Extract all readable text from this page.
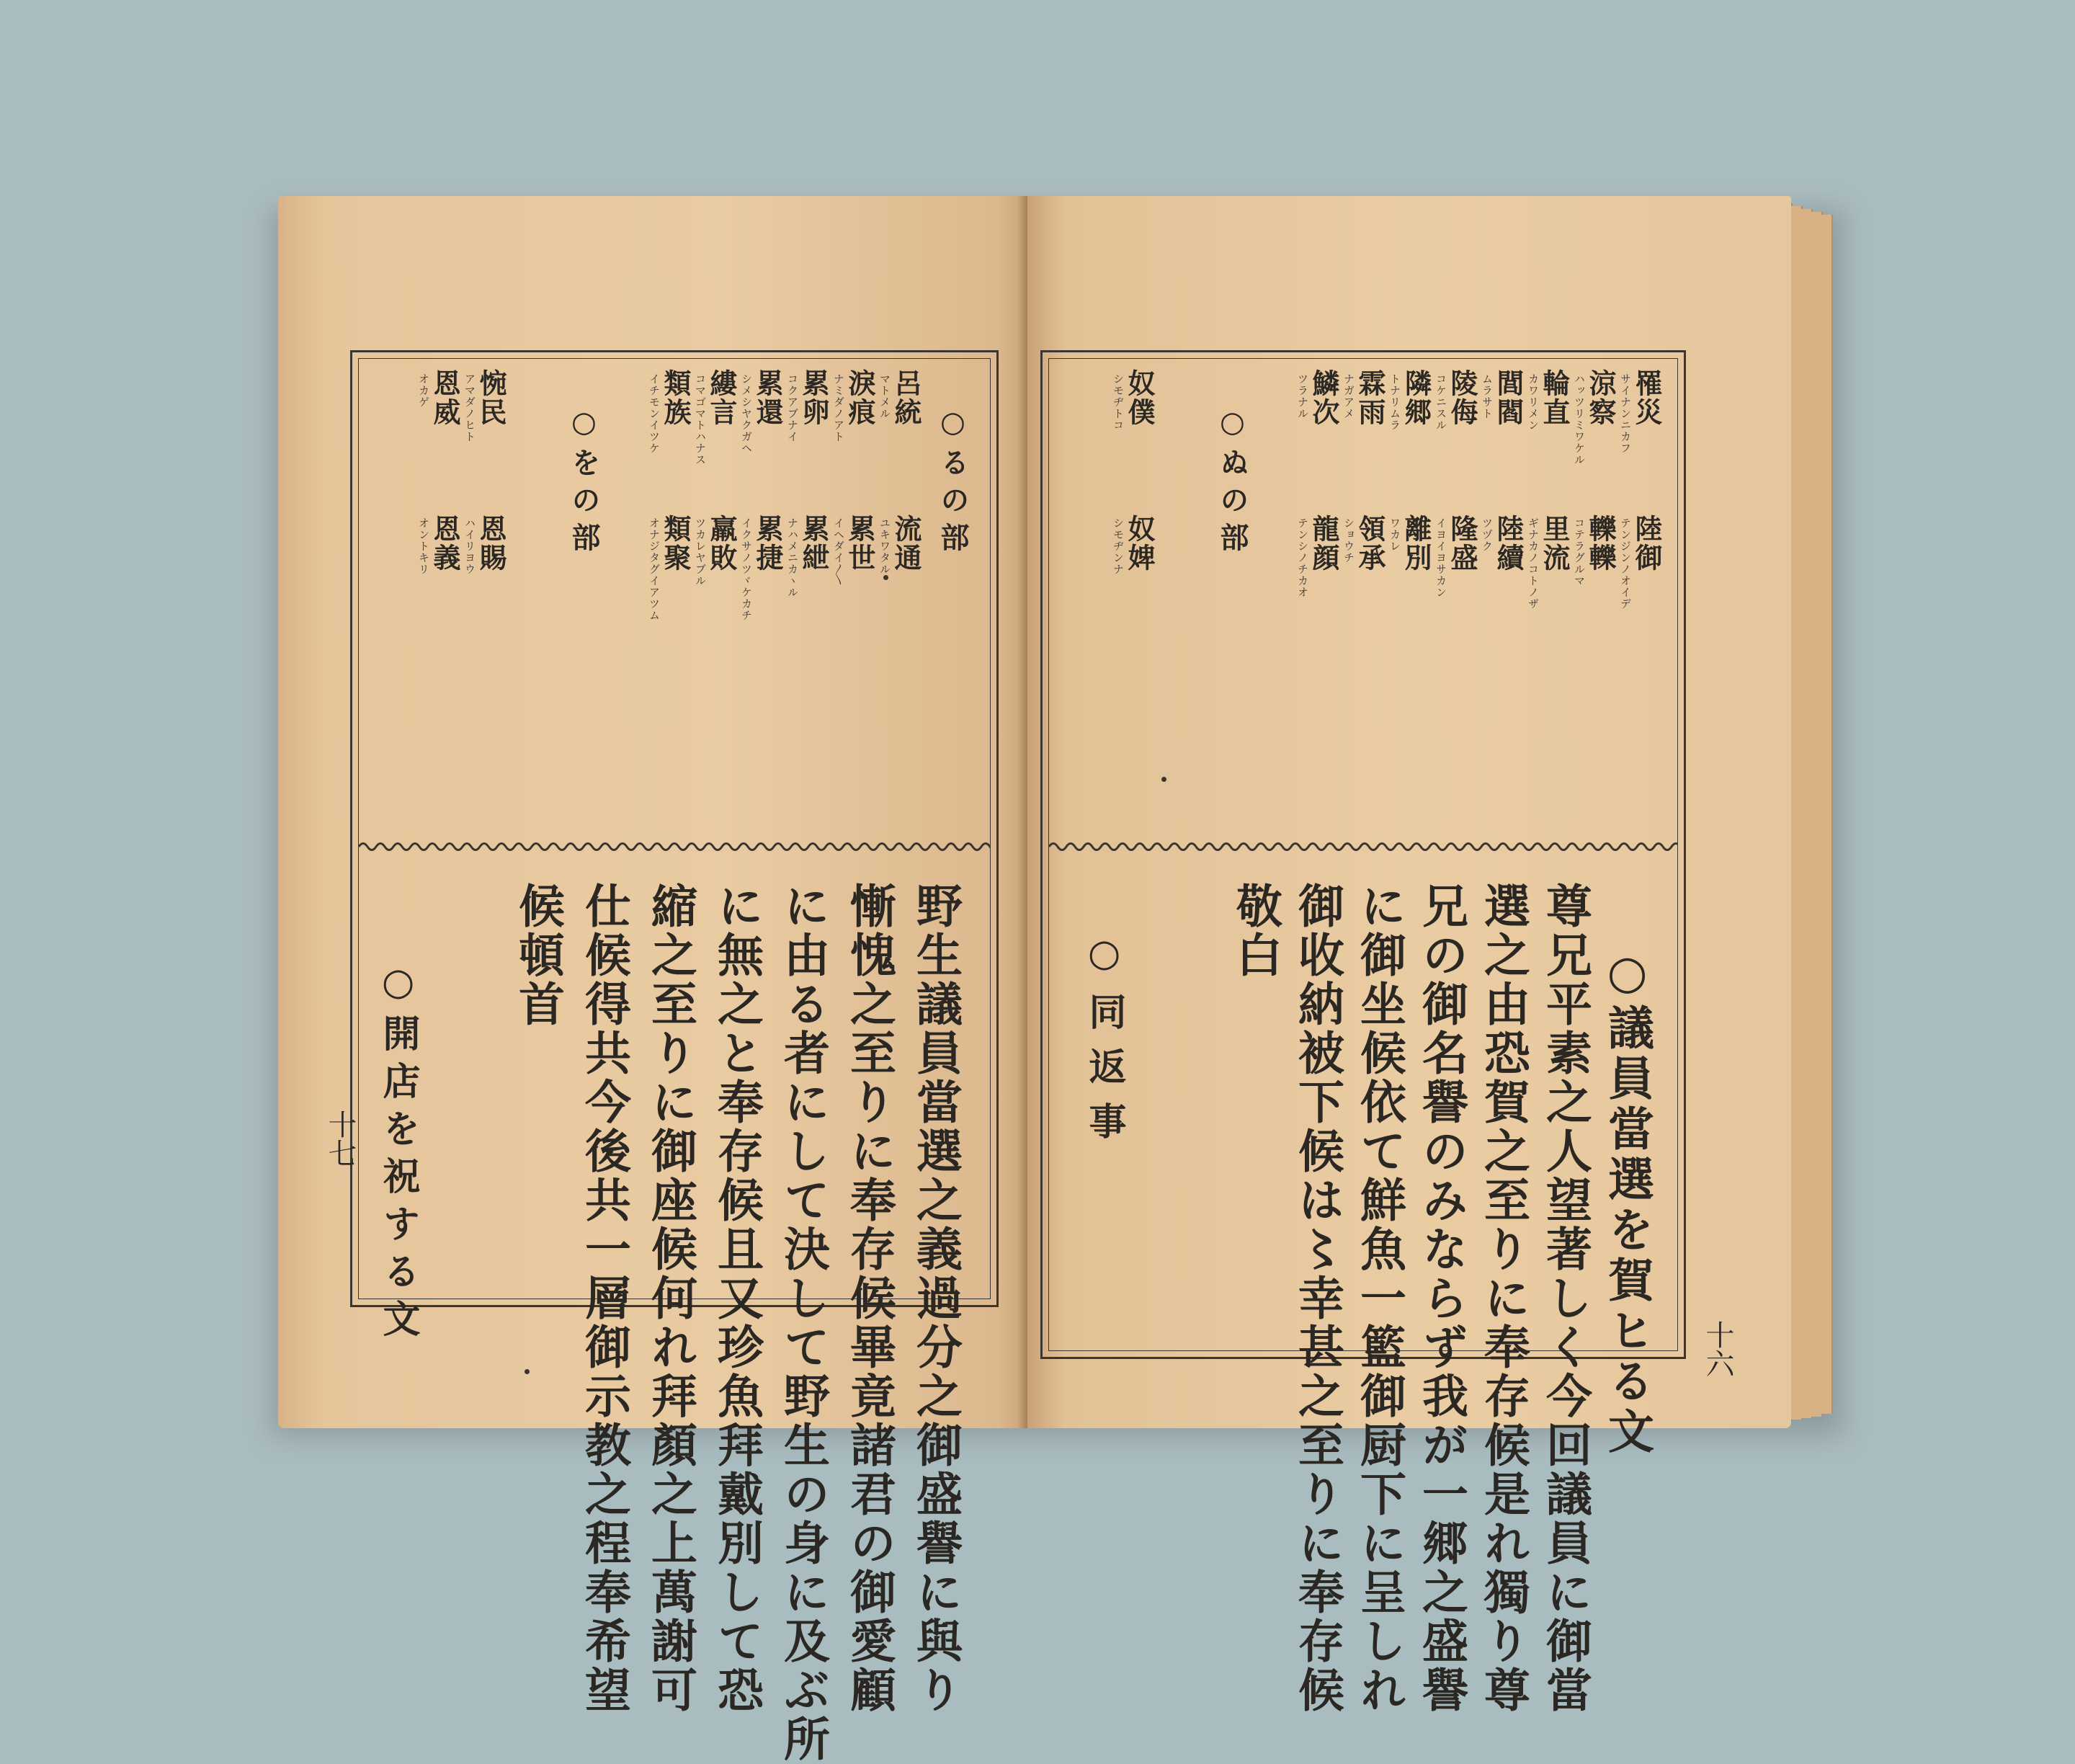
○るの部
呂統
マトメル
淚痕
ナミダノアト
累卵
コクアブナイ
累還
シメシヤクガヘ
縷言
コマゴマトハナス
類族
イチモンイツケ
○をの部
惋民
アマダノヒト
恩威
オカゲ
流通
ユキワタル
累世
イヘダイ〳〵
累紲
ナハメニカヽル
累捷
イクサノツヾケカチ
羸敗
ツカレヤブル
類聚
オナジタグイアツム
恩賜
ハイリヨウ
恩義
オントキリ
野生議員當選之義過分之御盛譽に與り
慚愧之至りに奉存候畢竟諸君の御愛顧
に由る者にして決して野生の身に及ぶ所
に無之と奉存候且又珍魚拜戴別して恐
縮之至りに御座候何れ拜顏之上萬謝可
仕候得共今後共一層御示教之程奉希望
候頓首
○開店を祝する文
十七
罹災
サイナンニカフ
涼察
ハッツリミワケル
輪直
カワリメン
閭閻
ムラサト
陵侮
コケニスル
隣郷
トナリムラ
霖雨
ナガアメ
鱗次
ツラナル
○ぬの部
奴僕
シモヂトコ
陸御
テンジンノオイデ
轢轢
コテラグルマ
里流
ギナカノコトノザ
陸續
ツヅク
隆盛
イヨイヨサカン
離別
ワカレ
領承
ショウチ
龍顔
テンシノチカオ
奴婢
シモヂンナ
○議員當選を賀ヒる文
尊兄平素之人望著しく今回議員に御當
選之由恐賀之至りに奉存候是れ獨り尊
兄の御名譽のみならず我が一郷之盛譽
に御坐候依て鮮魚一籃御厨下に呈しれ
御收納被下候は〻幸甚之至りに奉存候
敬白
○同返事
十六
